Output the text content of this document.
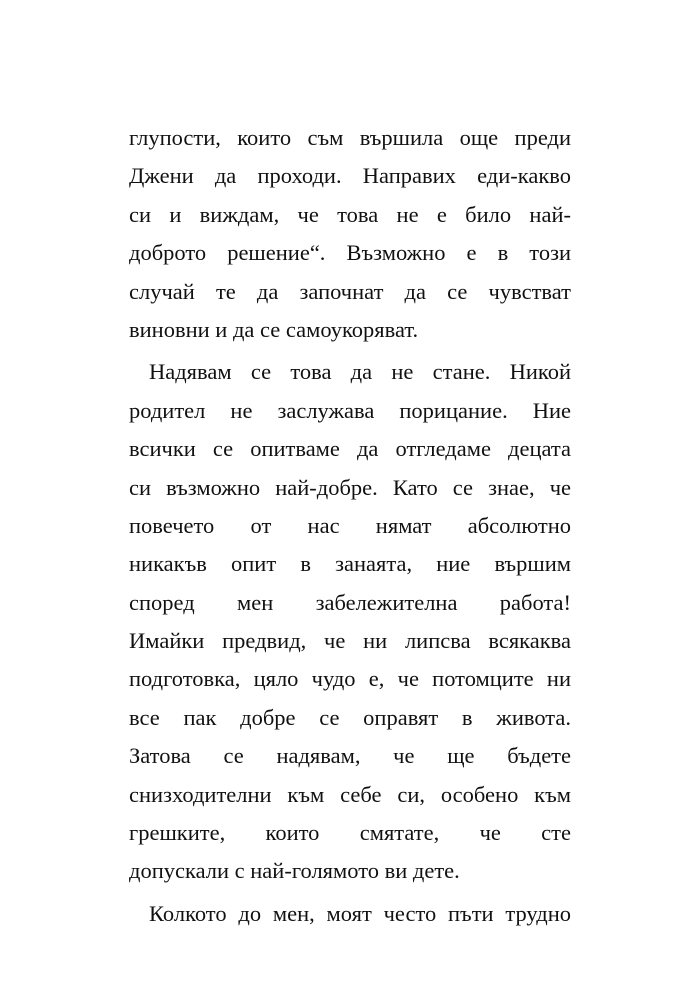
глупости, които съм вършила още преди
Джени да проходи. Направих еди-какво
си и виждам, че това не е било най-
доброто решение“. Възможно е в този
случай те да започнат да се чувстват
виновни и да се самоукоряват.

Надявам се това да не стане. Никой
родител не заслужава порицание. Ние
всички се опитваме да отгледаме децата
си възможно най-добре. Като се знае, че
повечето от нас нямат абсолютно
никакъв опит в занаята, ние вършим
според мен забележителна работа!
Имайки предвид, че ни липсва всякаква
подготовка, цяло чудо е, че потомците ни
все пак добре се оправят в живота.
Затова се надявам, че ще бъдете
снизходителни към себе си, особено към
грешките, които смятате, че сте
допускали с най-голямото ви дете.

Колкото до мен, моят често пъти трудно
